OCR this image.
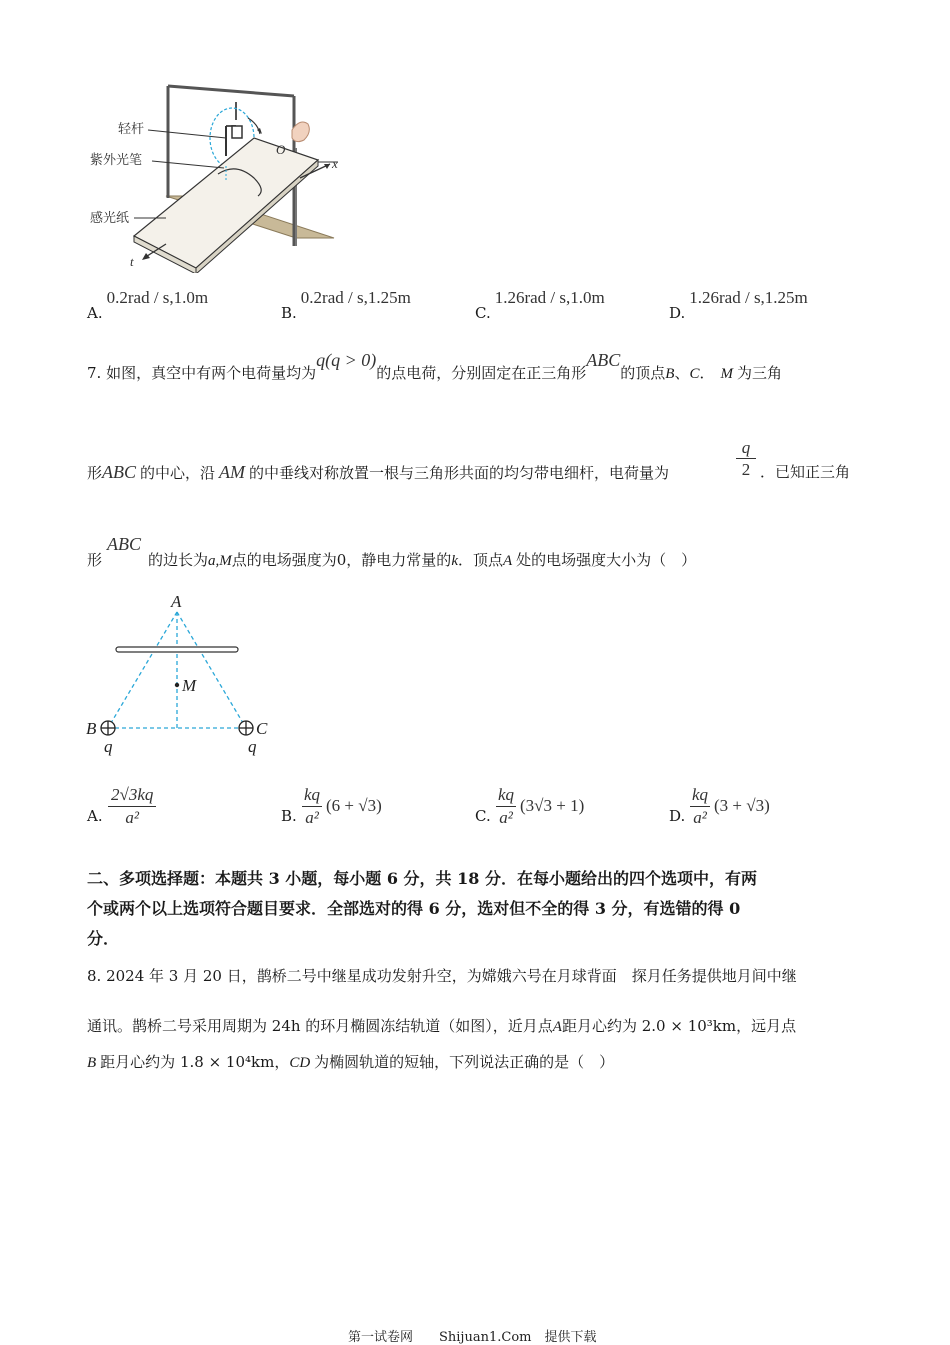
轻杆
紫外光笔
感光纸
O
x
t
A.0.2rad / s,1.0m
B.0.2rad / s,1.25m
C.1.26rad / s,1.0m
D.1.26rad / s,1.25m
7. 如图，真空中有两个电荷量均为q(q > 0)的点电荷，分别固定在正三角形ABC的顶点B、C． M 为三角
形ABC 的中心，沿 AM 的中垂线对称放置一根与三角形共面的均匀带电细杆，电荷量为
q
2 ．已知正三角
形
ABC
的边长为a,M点的电场强度为0，静电力常量的k．顶点A 处的电场强度大小为（　）
A
M
B	C
q	q
A.
2√3kq
a²	B.
kq
a²
(6 + √3)
C.
kq
a²
(3√3 + 1)
D.
kq
a²
(3 + √3)
二、多项选择题：本题共 3 小题，每小题 6 分，共 18 分．在每小题给出的四个选项中，有两
个或两个以上选项符合题目要求．全部选对的得 6 分，选对但不全的得 3 分，有选错的得 0
分．
8. 2024 年 3 月 20 日，鹊桥二号中继星成功发射升空，为嫦娥六号在月球背面　探月任务提供地月间中继
通讯。鹊桥二号采用周期为 24h 的环月椭圆冻结轨道（如图），近月点A距月心约为 2.0 × 10³km，远月点
B 距月心约为 1.8 × 10⁴km，CD 为椭圆轨道的短轴，下列说法正确的是（　）
第一试卷网　　Shijuan1.Com　提供下载
